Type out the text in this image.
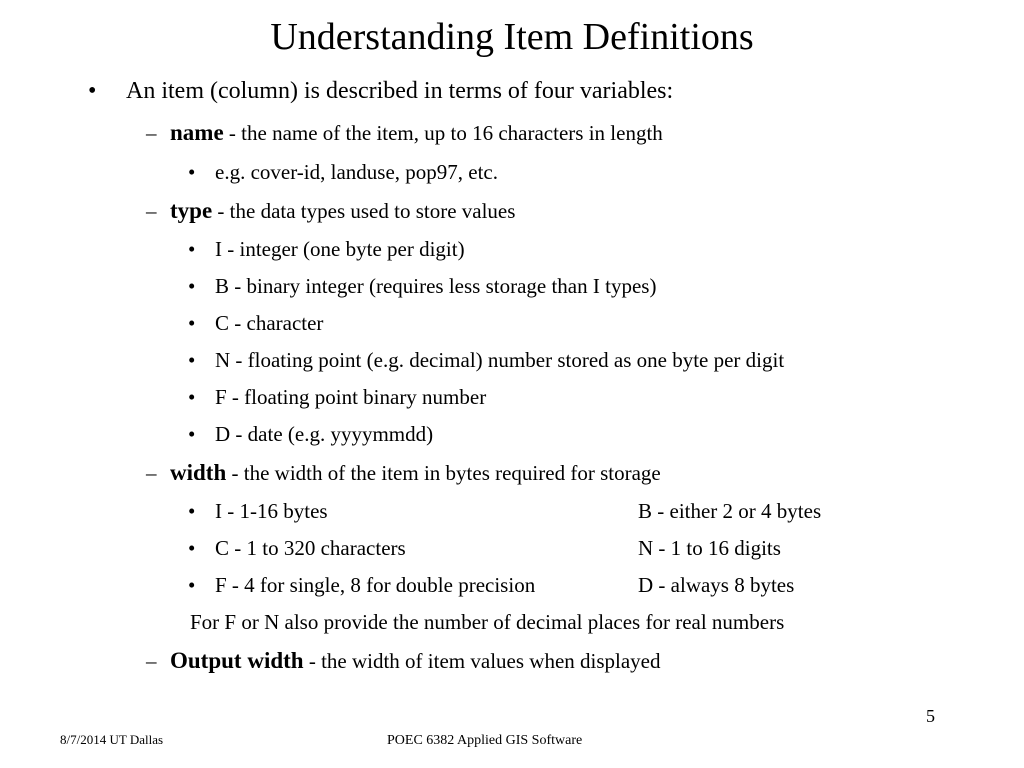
Understanding Item Definitions
• An item (column) is described in terms of four variables:
– name - the name of the item, up to 16 characters in length
• e.g. cover-id, landuse, pop97, etc.
– type - the data types used to store values
• I - integer (one byte per digit)
• B - binary integer (requires less storage than I types)
• C - character
• N - floating point (e.g. decimal) number stored as one byte per digit
• F - floating point binary number
• D - date (e.g. yyyymmdd)
– width - the width of the item in bytes required for storage
• I - 1-16 bytes	B - either 2 or 4 bytes
• C - 1 to 320 characters	N - 1 to 16 digits
• F - 4 for single, 8 for double precision	D - always 8 bytes
For F or N also provide the number of decimal places for real numbers
– Output width - the width of item values when displayed
5
8/7/2014 UT Dallas	POEC 6382 Applied GIS Software
